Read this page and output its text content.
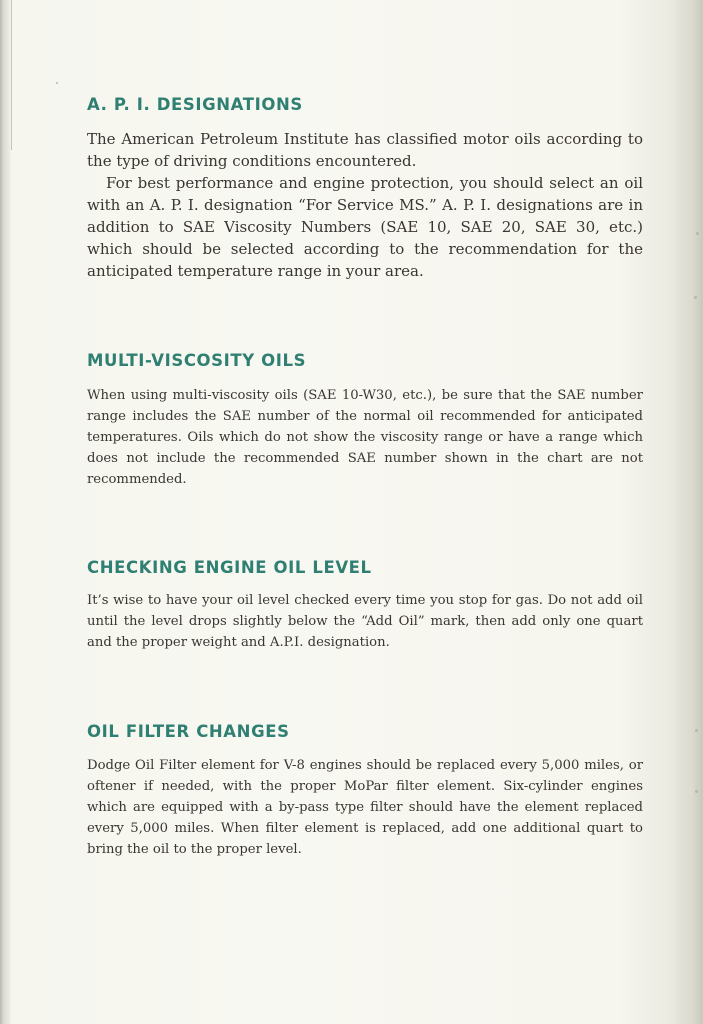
A. P. I. DESIGNATIONS

The American Petroleum Institute has classified motor oils according to the type of driving conditions encountered.

For best performance and engine protection, you should select an oil with an A. P. I. designation “For Service MS.” A. P. I. designations are in addition to SAE Viscosity Numbers (SAE 10, SAE 20, SAE 30, etc.) which should be selected according to the recommendation for the anticipated temperature range in your area.

MULTI-VISCOSITY OILS

When using multi-viscosity oils (SAE 10-W30, etc.), be sure that the SAE number range includes the SAE number of the normal oil recommended for anticipated temperatures. Oils which do not show the viscosity range or have a range which does not include the recommended SAE number shown in the chart are not recommended.

CHECKING ENGINE OIL LEVEL

It’s wise to have your oil level checked every time you stop for gas. Do not add oil until the level drops slightly below the “Add Oil” mark, then add only one quart and the proper weight and A.P.I. designation.

OIL FILTER CHANGES

Dodge Oil Filter element for V-8 engines should be replaced every 5,000 miles, or oftener if needed, with the proper MoPar filter element. Six-cylinder engines which are equipped with a by-pass type filter should have the element replaced every 5,000 miles. When filter element is replaced, add one additional quart to bring the oil to the proper level.
